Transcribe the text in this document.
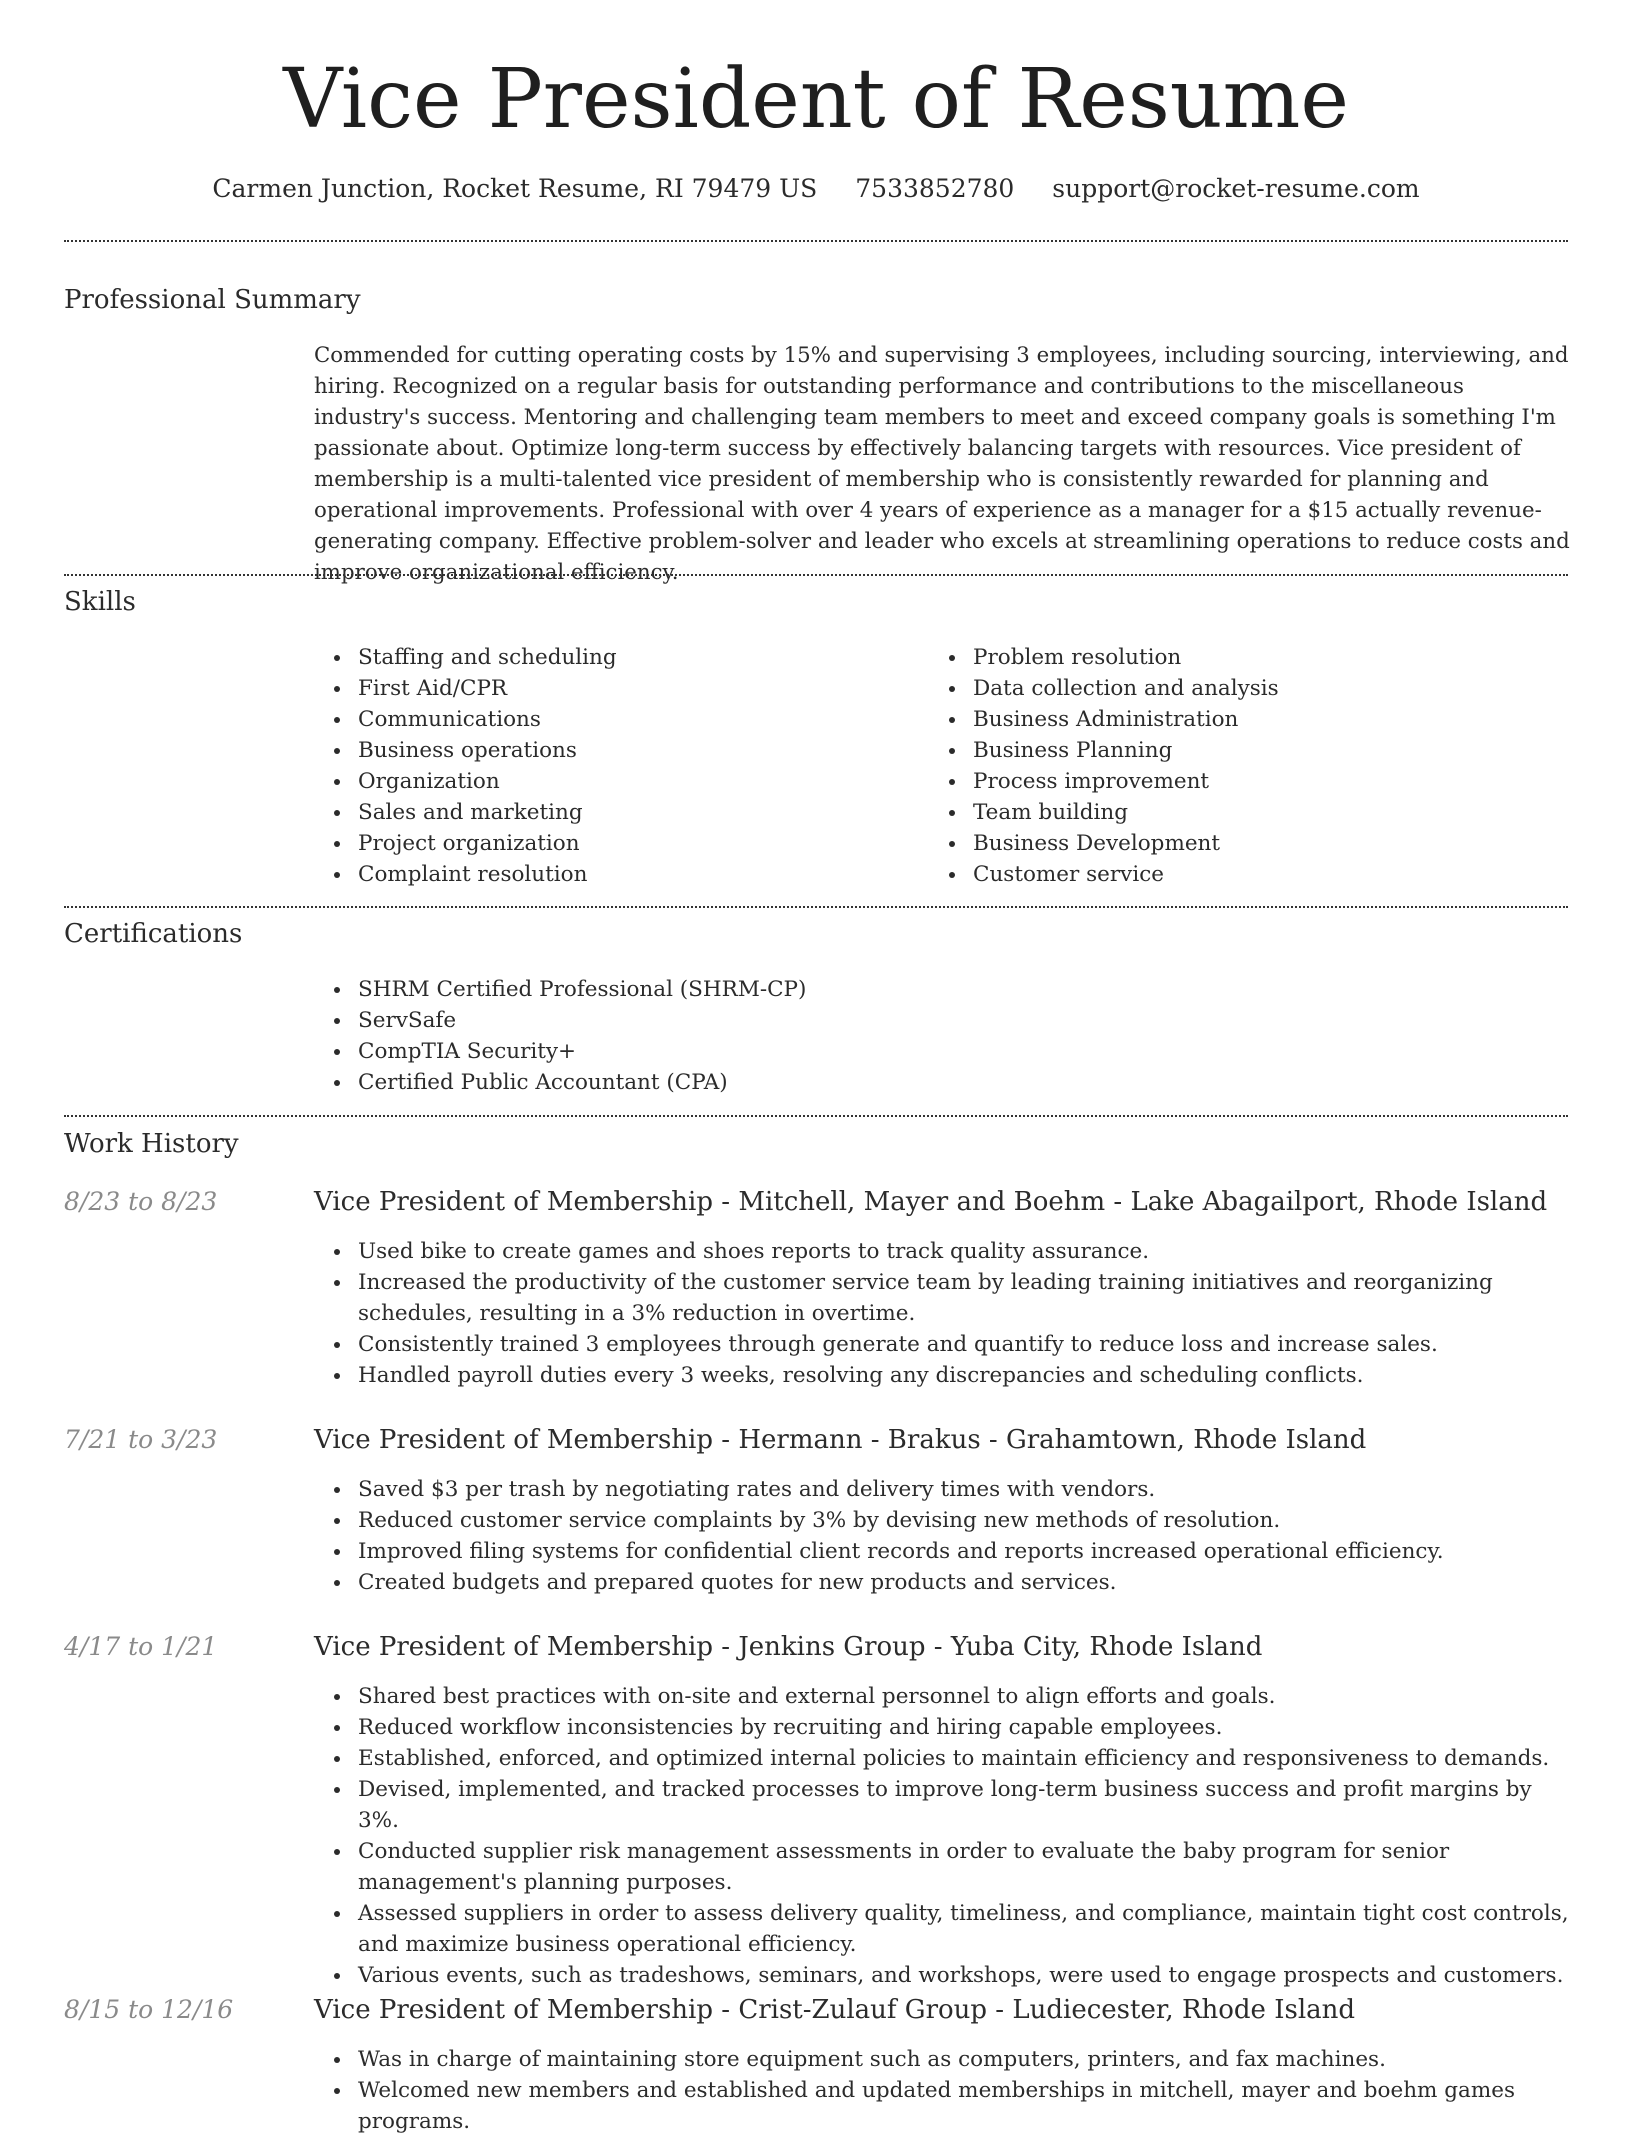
Vice President of Resume
Carmen Junction, Rocket Resume, RI 79479 US 7533852780 support@rocket-resume.com
Professional Summary

Commended for cutting operating costs by 15% and supervising 3 employees, including sourcing, interviewing, and hiring. Recognized on a regular basis for outstanding performance and contributions to the miscellaneous industry's success. Mentoring and challenging team members to meet and exceed company goals is something I'm passionate about. Optimize long-term success by effectively balancing targets with resources. Vice president of membership is a multi-talented vice president of membership who is consistently rewarded for planning and operational improvements. Professional with over 4 years of experience as a manager for a $15 actually revenue-generating company. Effective problem-solver and leader who excels at streamlining operations to reduce costs and improve organizational efficiency.

Skills
Staffing and scheduling
First Aid/CPR
Communications
Business operations
Organization
Sales and marketing
Project organization
Complaint resolution
Problem resolution
Data collection and analysis
Business Administration
Business Planning
Process improvement
Team building
Business Development
Customer service
Certifications
SHRM Certified Professional (SHRM-CP)
ServSafe
CompTIA Security+
Certified Public Accountant (CPA)
Work History
8/23 to 8/23	Vice President of Membership - Mitchell, Mayer and Boehm - Lake Abagailport, Rhode Island
Used bike to create games and shoes reports to track quality assurance.
Increased the productivity of the customer service team by leading training initiatives and reorganizing schedules, resulting in a 3% reduction in overtime.
Consistently trained 3 employees through generate and quantify to reduce loss and increase sales.
Handled payroll duties every 3 weeks, resolving any discrepancies and scheduling conflicts.
7/21 to 3/23	Vice President of Membership - Hermann - Brakus - Grahamtown, Rhode Island
Saved $3 per trash by negotiating rates and delivery times with vendors.
Reduced customer service complaints by 3% by devising new methods of resolution.
Improved filing systems for confidential client records and reports increased operational efficiency.
Created budgets and prepared quotes for new products and services.
4/17 to 1/21	Vice President of Membership - Jenkins Group - Yuba City, Rhode Island
Shared best practices with on-site and external personnel to align efforts and goals.
Reduced workflow inconsistencies by recruiting and hiring capable employees.
Established, enforced, and optimized internal policies to maintain efficiency and responsiveness to demands.
Devised, implemented, and tracked processes to improve long-term business success and profit margins by 3%.
Conducted supplier risk management assessments in order to evaluate the baby program for senior management's planning purposes.
Assessed suppliers in order to assess delivery quality, timeliness, and compliance, maintain tight cost controls, and maximize business operational efficiency.
Various events, such as tradeshows, seminars, and workshops, were used to engage prospects and customers.
8/15 to 12/16	Vice President of Membership - Crist-Zulauf Group - Ludiecester, Rhode Island
Was in charge of maintaining store equipment such as computers, printers, and fax machines.
Welcomed new members and established and updated memberships in mitchell, mayer and boehm games programs.
